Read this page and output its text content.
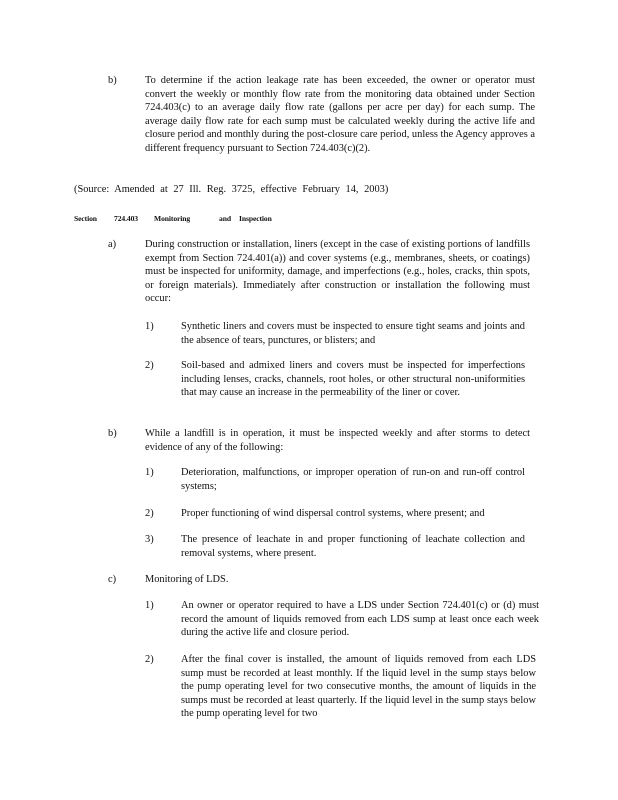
b)	To determine if the action leakage rate has been exceeded, the owner or operator must convert the weekly or monthly flow rate from the monitoring data obtained under Section 724.403(c) to an average daily flow rate (gallons per acre per day) for each sump. The average daily flow rate for each sump must be calculated weekly during the active life and closure period and monthly during the post-closure care period, unless the Agency approves a different frequency pursuant to Section 724.403(c)(2).

(Source: Amended at 27 Ill. Reg. 3725, effective February 14, 2003)
Section 724.403 Monitoring	and Inspection
a)	During construction or installation, liners (except in the case of existing portions of landfills exempt from Section 724.401(a)) and cover systems (e.g., membranes, sheets, or coatings) must be inspected for uniformity, damage, and imperfections (e.g., holes, cracks, thin spots, or foreign materials). Immediately after construction or installation the following must occur:

1)	Synthetic liners and covers must be inspected to ensure tight seams and joints and the absence of tears, punctures, or blisters; and

2)	Soil-based and admixed liners and covers must be inspected for imperfections including lenses, cracks, channels, root holes, or other structural non-uniformities that may cause an increase in the permeability of the liner or cover.

b)	While a landfill is in operation, it must be inspected weekly and after storms to detect evidence of any of the following:

1)	Deterioration, malfunctions, or improper operation of run-on and run-off control systems;

2)	Proper functioning of wind dispersal control systems, where present; and

3)	The presence of leachate in and proper functioning of leachate collection and removal systems, where present.

c)	Monitoring of LDS.

1)	An owner or operator required to have a LDS under Section 724.401(c) or (d) must record the amount of liquids removed from each LDS sump at least once each week during the active life and closure period.

2)	After the final cover is installed, the amount of liquids removed from each LDS sump must be recorded at least monthly. If the liquid level in the sump stays below the pump operating level for two consecutive months, the amount of liquids in the sumps must be recorded at least quarterly. If the liquid level in the sump stays below the pump operating level for two
